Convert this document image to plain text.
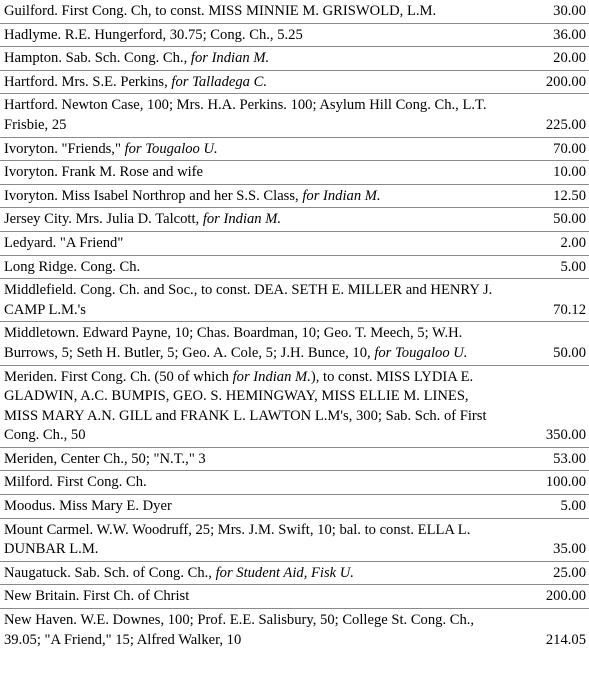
Guilford. First Cong. Ch, to const. MISS MINNIE M. GRISWOLD, L.M.	30.00
Hadlyme. R.E. Hungerford, 30.75; Cong. Ch., 5.25	36.00
Hampton. Sab. Sch. Cong. Ch., for Indian M.	20.00
Hartford. Mrs. S.E. Perkins, for Talladega C.	200.00
Hartford. Newton Case, 100; Mrs. H.A. Perkins. 100; Asylum Hill Cong. Ch., L.T. Frisbie, 25	225.00
Ivoryton. "Friends," for Tougaloo U.	70.00
Ivoryton. Frank M. Rose and wife	10.00
Ivoryton. Miss Isabel Northrop and her S.S. Class, for Indian M.	12.50
Jersey City. Mrs. Julia D. Talcott, for Indian M.	50.00
Ledyard. "A Friend"	2.00
Long Ridge. Cong. Ch.	5.00
Middlefield. Cong. Ch. and Soc., to const. DEA. SETH E. MILLER and HENRY J. CAMP L.M.'s	70.12
Middletown. Edward Payne, 10; Chas. Boardman, 10; Geo. T. Meech, 5; W.H. Burrows, 5; Seth H. Butler, 5; Geo. A. Cole, 5; J.H. Bunce, 10, for Tougaloo U.	50.00
Meriden. First Cong. Ch. (50 of which for Indian M.), to const. MISS LYDIA E. GLADWIN, A.C. BUMPIS, GEO. S. HEMINGWAY, MISS ELLIE M. LINES, MISS MARY A.N. GILL and FRANK L. LAWTON L.M's, 300; Sab. Sch. of First Cong. Ch., 50	350.00
Meriden, Center Ch., 50; "N.T.," 3	53.00
Milford. First Cong. Ch.	100.00
Moodus. Miss Mary E. Dyer	5.00
Mount Carmel. W.W. Woodruff, 25; Mrs. J.M. Swift, 10; bal. to const. ELLA L. DUNBAR L.M.	35.00
Naugatuck. Sab. Sch. of Cong. Ch., for Student Aid, Fisk U.	25.00
New Britain. First Ch. of Christ	200.00
New Haven. W.E. Downes, 100; Prof. E.E. Salisbury, 50; College St. Cong. Ch., 39.05; "A Friend," 15; Alfred Walker, 10	214.05
